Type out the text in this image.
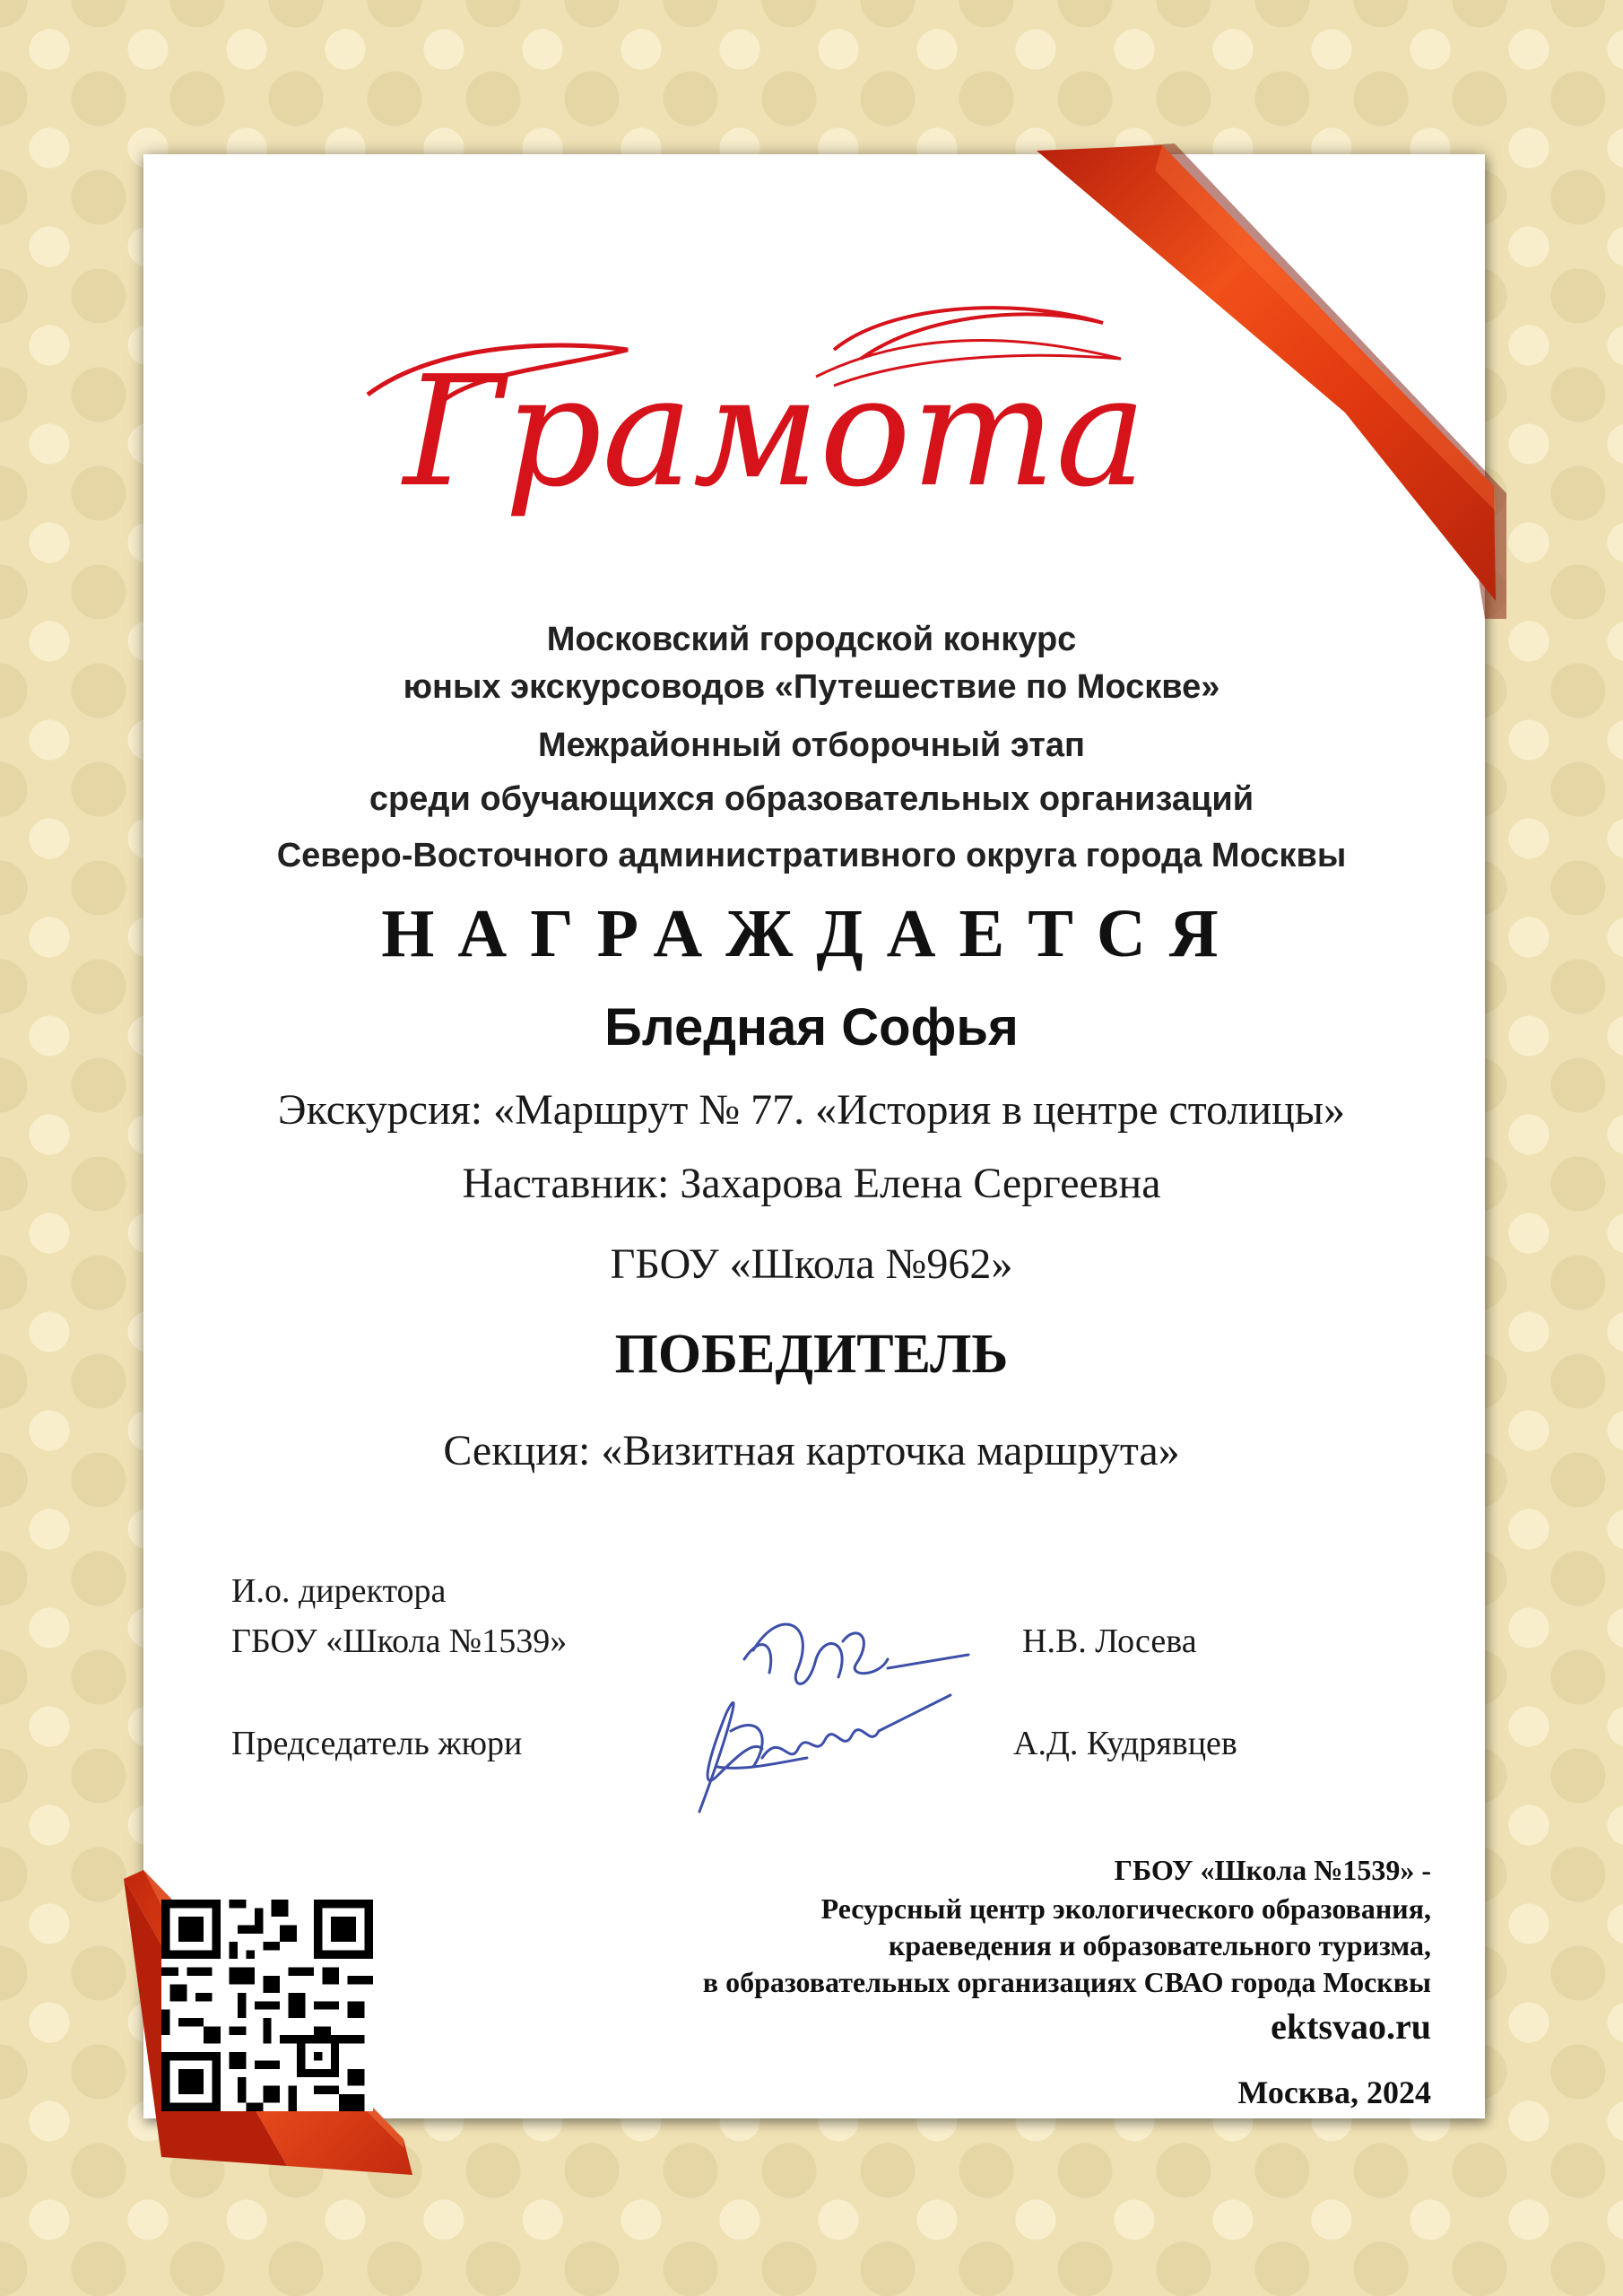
Грамота
Московский городской конкурс
юных экскурсоводов «Путешествие по Москве»
Межрайонный отборочный этап
среди обучающихся образовательных организаций
Северо-Восточного административного округа города Москвы
НАГРАЖДАЕТСЯ
Бледная Софья
Экскурсия: «Маршрут № 77. «История в центре столицы»
Наставник: Захарова Елена Сергеевна
ГБОУ «Школа №962»
ПОБЕДИТЕЛЬ
Секция: «Визитная карточка маршрута»
И.о. директора
ГБОУ «Школа №1539»	Н.В. Лосева
Председатель жюри	А.Д. Кудрявцев
ГБОУ «Школа №1539» -
Ресурсный центр экологического образования,
краеведения и образовательного туризма,
в образовательных организациях СВАО города Москвы
ektsvao.ru
Москва, 2024
